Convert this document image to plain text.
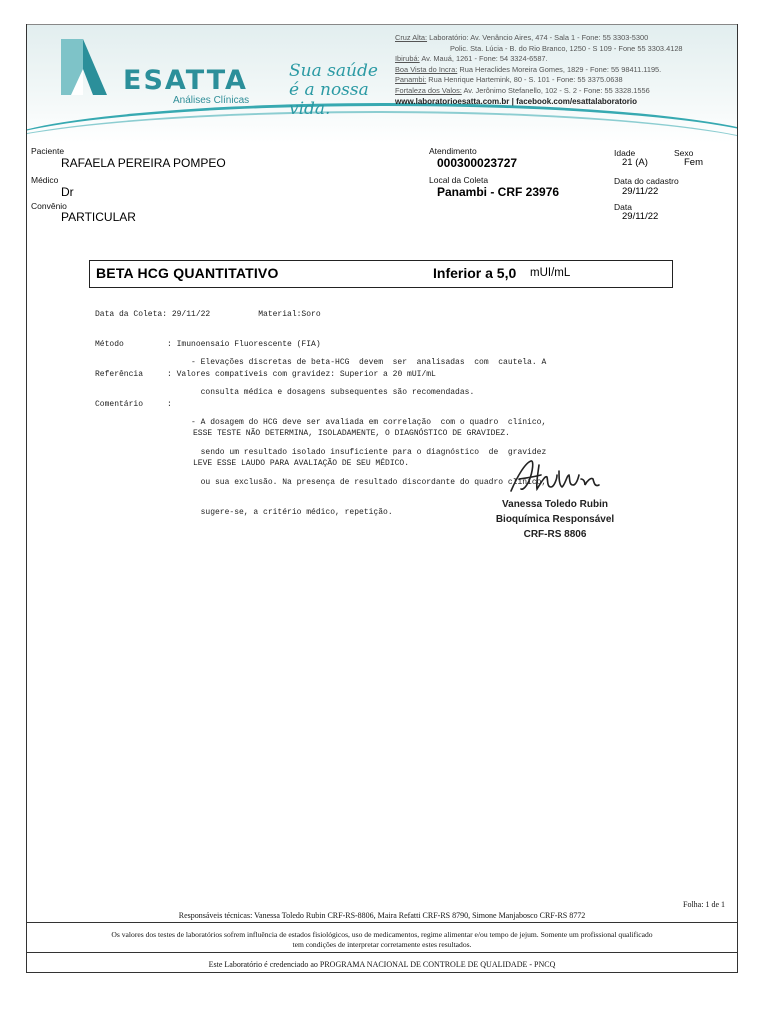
ESATTA
Análises Clínicas
Sua saúde é a nossa vida.
Cruz Alta: Laboratório: Av. Venâncio Aires, 474 - Sala 1 - Fone: 55 3303-5300
Polic. Sta. Lúcia - B. do Rio Branco, 1250 - S 109 - Fone 55 3303.4128
Ibirubá: Av. Mauá, 1261 - Fone: 54 3324-6587.
Boa Vista do Incra: Rua Heraclides Moreira Gomes, 1829 - Fone: 55 98411.1195.
Panambi: Rua Henrique Hartemink, 80 - S. 101 - Fone: 55 3375.0638
Fortaleza dos Valos: Av. Jerônimo Stefanello, 102 - S. 2 - Fone: 55 3328.1556
www.laboratorioesatta.com.br | facebook.com/esattalaboratorio
Paciente
RAFAELA PEREIRA POMPEO
Médico
Dr
Convênio
PARTICULAR
Atendimento
000300023727
Local da Coleta
Panambi - CRF 23976
Idade
21 (A)
Sexo
Fem
Data do cadastro
29/11/22
Data
29/11/22
BETA HCG QUANTITATIVO	Inferior a 5,0 mUI/mL

Data da Coleta: 29/11/22          Material:Soro

Método         : Imunoensaio Fluorescente (FIA)

Referência     : Valores compatíveis com gravidez: Superior a 20 mUI/mL

Comentário     :

- Elevações discretas de beta-HCG  devem  ser  analisadas  com  cautela. A

consulta médica e dosagens subsequentes são recomendadas.

- A dosagem do HCG deve ser avaliada em correlação  com o quadro  clínico,

sendo um resultado isolado insuficiente para o diagnóstico  de  gravidez

ou sua exclusão. Na presença de resultado discordante do quadro clínico,

sugere-se, a critério médico, repetição.

ESSE TESTE NÃO DETERMINA, ISOLADAMENTE, O DIAGNÓSTICO DE GRAVIDEZ.

LEVE ESSE LAUDO PARA AVALIAÇÃO DE SEU MÉDICO.

Vanessa Toledo Rubin
Bioquímica Responsável
CRF-RS 8806
Folha: 1 de 1
Responsáveis técnicas: Vanessa Toledo Rubin CRF-RS-8806, Maira Refatti CRF-RS 8790, Simone Manjabosco CRF-RS 8772
Os valores dos testes de laboratórios sofrem influência de estados fisiológicos, uso de medicamentos, regime alimentar e/ou tempo de jejum. Somente um profissional qualificado
tem condições de interpretar corretamente estes resultados.
Este Laboratório é credenciado ao PROGRAMA NACIONAL DE CONTROLE DE QUALIDADE - PNCQ
